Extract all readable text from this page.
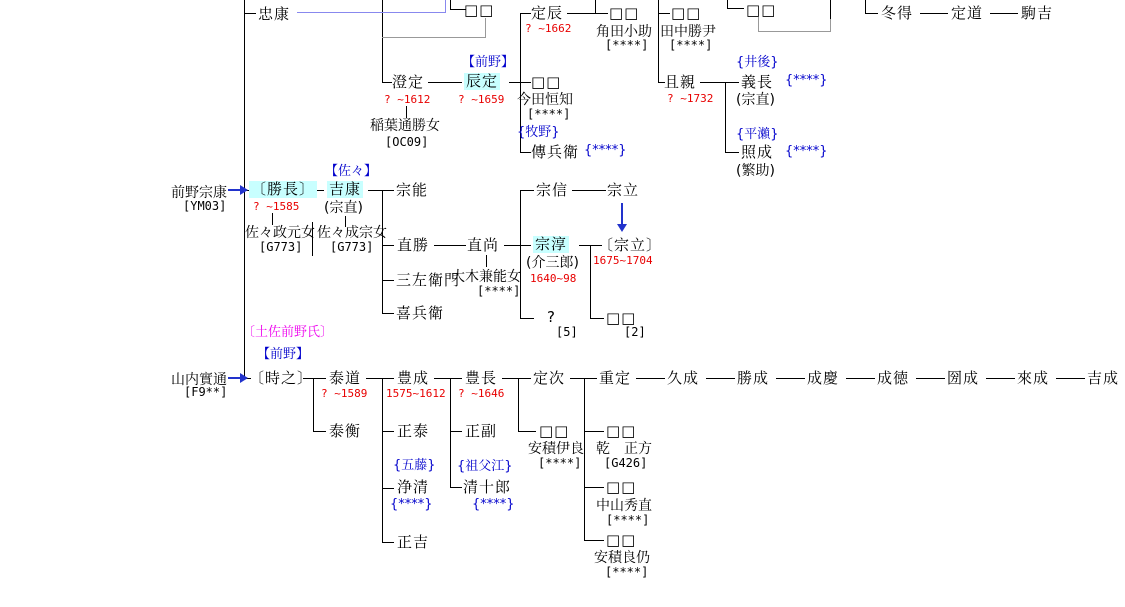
忠康
澄定	辰定
定辰
且親	義長
照成
冬得	定道	駒吉
傳兵衛
〔勝長〕 吉康 宗能
直勝
三左衛門
喜兵衛
直尚
宗信	宗立
宗淳 〔宗立〕
?
〔時之〕 泰道
泰衡
豊成
正泰
浄清
正吉
豊長
正副
清十郎
定次 重定 久成	勝成	成慶	成徳	圀成	來成	吉成
前野宗康
山内實通
□□	□□
□□
□□	□□
□□
□□ □□
□□
□□
稲葉通勝女
角田小助
今田恒知
田中勝尹
佐々政元女 佐々成宗女
大木兼能女
(宗直)
(介三郎)
(宗直)
(繁助)
安積伊良 乾　正方
中山秀直
安積良仍
[OC09]
[****]
[****]
[****]
[G773] [G773]
[****]
[YM03]
[F9**]
[5]	[2]
[****] [G426]
[****]
[****]
【前野】
{牧野}
【佐々】
{井後}
{平瀨}
{****}
{****}
{****}
【前野】
{五藤}
{****}
{祖父江}
{****}
〔土佐前野氏〕
? ~1612	? ~1659
? ~1662
? ~1732
? ~1585
1640~98
1675~1704
? ~1589 1575~1612 ? ~1646
